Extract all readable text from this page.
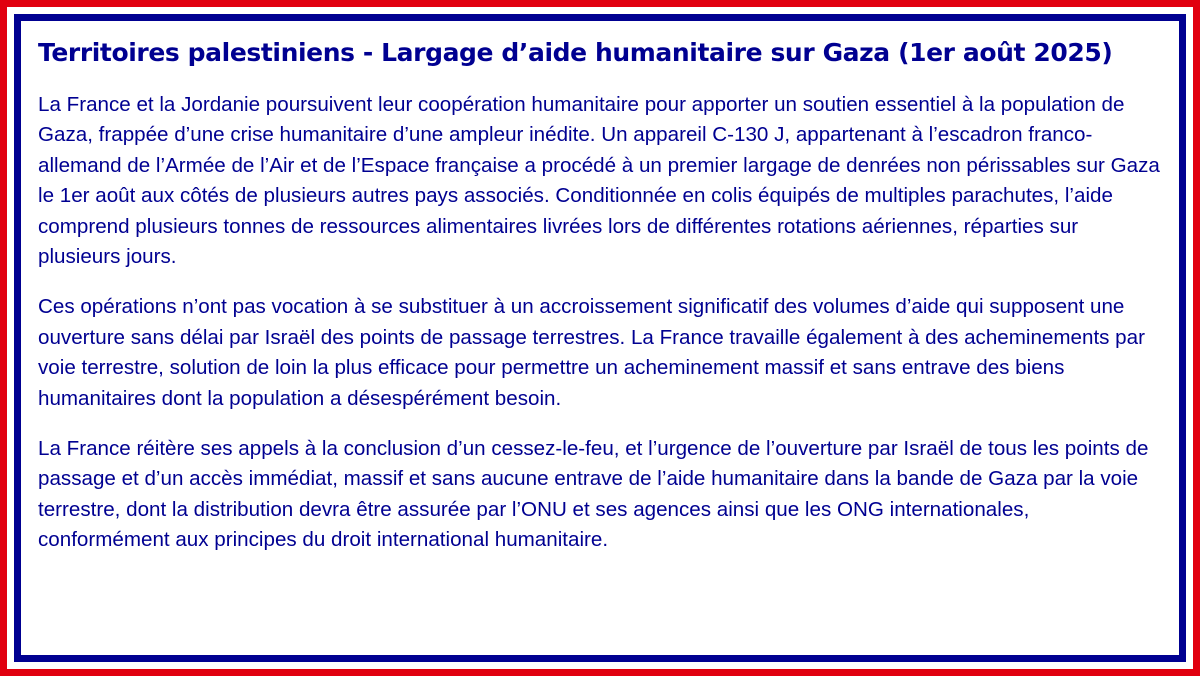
Territoires palestiniens - Largage d’aide humanitaire sur Gaza (1er août 2025)

La France et la Jordanie poursuivent leur coopération humanitaire pour apporter un soutien essentiel à la population de Gaza, frappée d’une crise humanitaire d’une ampleur inédite. Un appareil C-130 J, appartenant à l’escadron franco-allemand de l’Armée de l’Air et de l’Espace française a procédé à un premier largage de denrées non périssables sur Gaza le 1er août aux côtés de plusieurs autres pays associés. Conditionnée en colis équipés de multiples parachutes, l’aide comprend plusieurs tonnes de ressources alimentaires livrées lors de différentes rotations aériennes, réparties sur plusieurs jours.

Ces opérations n’ont pas vocation à se substituer à un accroissement significatif des volumes d’aide qui supposent une ouverture sans délai par Israël des points de passage terrestres. La France travaille également à des acheminements par voie terrestre, solution de loin la plus efficace pour permettre un acheminement massif et sans entrave des biens humanitaires dont la population a désespérément besoin.

La France réitère ses appels à la conclusion d’un cessez-le-feu, et l’urgence de l’ouverture par Israël de tous les points de passage et d’un accès immédiat, massif et sans aucune entrave de l’aide humanitaire dans la bande de Gaza par la voie terrestre, dont la distribution devra être assurée par l’ONU et ses agences ainsi que les ONG internationales, conformément aux principes du droit international humanitaire.
